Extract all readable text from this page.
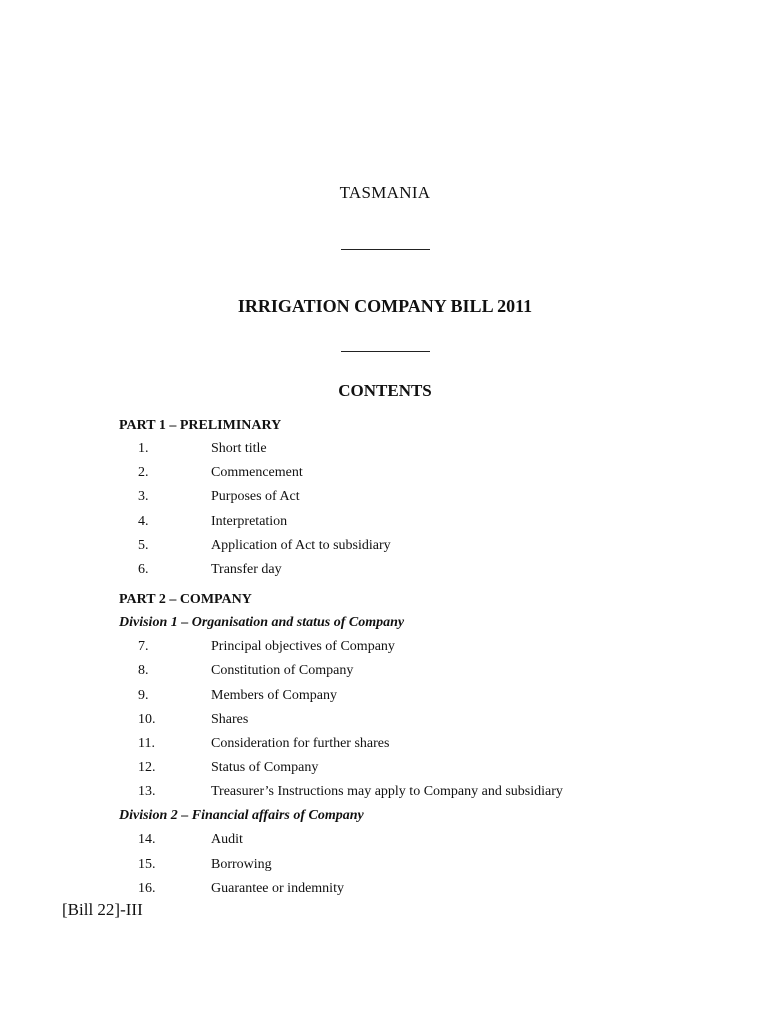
TASMANIA
IRRIGATION COMPANY BILL 2011
CONTENTS
PART 1 – PRELIMINARY
1.	Short title
2.	Commencement
3.	Purposes of Act
4.	Interpretation
5.	Application of Act to subsidiary
6.	Transfer day
PART 2 – COMPANY
Division 1 – Organisation and status of Company
7.	Principal objectives of Company
8.	Constitution of Company
9.	Members of Company
10.	Shares
11.	Consideration for further shares
12.	Status of Company
13.	Treasurer’s Instructions may apply to Company and subsidiary
Division 2 – Financial affairs of Company
14.	Audit
15.	Borrowing
16.	Guarantee or indemnity
[Bill 22]-III
